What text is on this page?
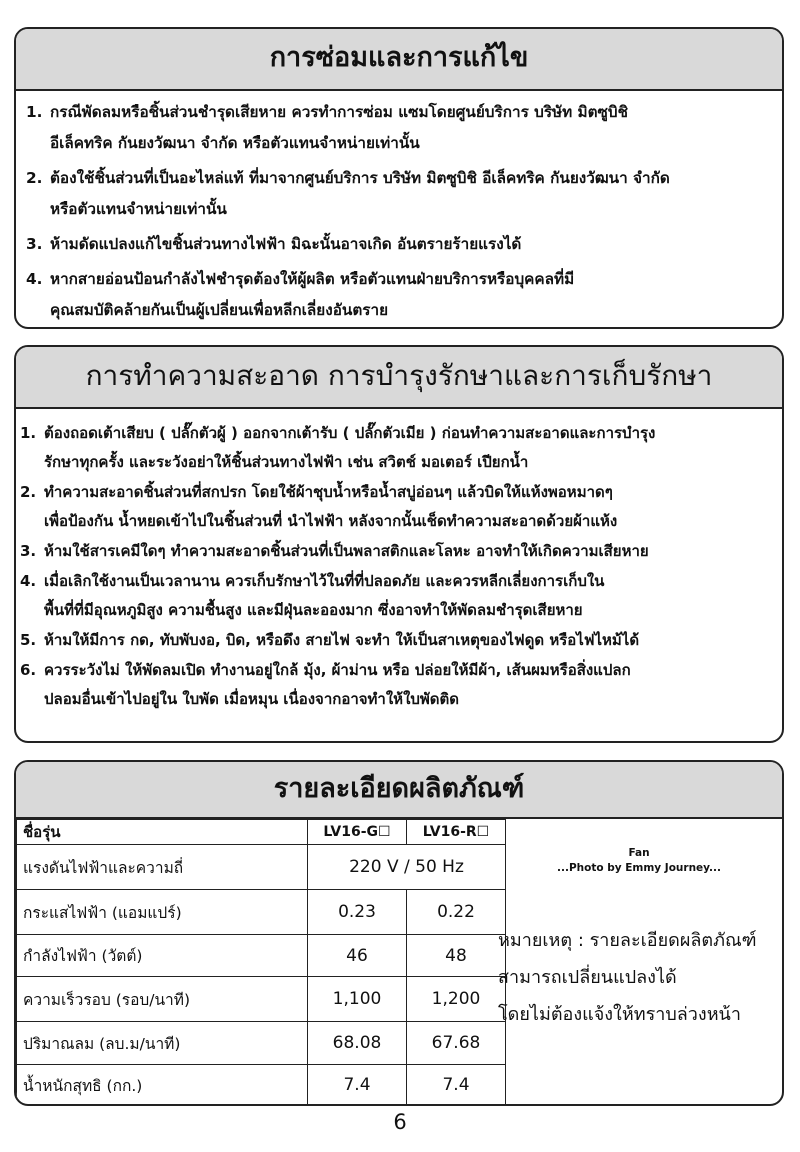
การซ่อมและการแก้ไข
1. กรณีพัดลมหรือชิ้นส่วนชำรุดเสียหาย ควรทำการซ่อม แซมโดยศูนย์บริการ บริษัท มิตซูบิชิ
อีเล็คทริค กันยงวัฒนา จำกัด หรือตัวแทนจำหน่ายเท่านั้น
2. ต้องใช้ชิ้นส่วนที่เป็นอะไหล่แท้ ที่มาจากศูนย์บริการ บริษัท มิตซูบิชิ อีเล็คทริค กันยงวัฒนา จำกัด
หรือตัวแทนจำหน่ายเท่านั้น
3. ห้ามดัดแปลงแก้ไขชิ้นส่วนทางไฟฟ้า มิฉะนั้นอาจเกิด อันตรายร้ายแรงได้
4. หากสายอ่อนป้อนกำลังไฟชำรุดต้องให้ผู้ผลิต หรือตัวแทนฝ่ายบริการหรือบุคคลที่มี
คุณสมบัติคล้ายกันเป็นผู้เปลี่ยนเพื่อหลีกเลี่ยงอันตราย
การทำความสะอาด การบำรุงรักษาและการเก็บรักษา
1. ต้องถอดเต้าเสียบ ( ปลั๊กตัวผู้ ) ออกจากเต้ารับ ( ปลั๊กตัวเมีย ) ก่อนทำความสะอาดและการบำรุง
รักษาทุกครั้ง และระวังอย่าให้ชิ้นส่วนทางไฟฟ้า เช่น สวิตช์ มอเตอร์ เปียกน้ำ
2. ทำความสะอาดชิ้นส่วนที่สกปรก โดยใช้ผ้าชุบน้ำหรือน้ำสบู่อ่อนๆ แล้วบิดให้แห้งพอหมาดๆ
เพื่อป้องกัน น้ำหยดเข้าไปในชิ้นส่วนที่ นำไฟฟ้า หลังจากนั้นเช็ดทำความสะอาดด้วยผ้าแห้ง
3. ห้ามใช้สารเคมีใดๆ ทำความสะอาดชิ้นส่วนที่เป็นพลาสติกและโลหะ อาจทำให้เกิดความเสียหาย
4. เมื่อเลิกใช้งานเป็นเวลานาน ควรเก็บรักษาไว้ในที่ที่ปลอดภัย และควรหลีกเลี่ยงการเก็บใน
พื้นที่ที่มีอุณหภูมิสูง ความชื้นสูง และมีฝุ่นละอองมาก ซึ่งอาจทำให้พัดลมชำรุดเสียหาย
5. ห้ามให้มีการ กด, ทับพับงอ, บิด, หรือดึง สายไฟ จะทำ ให้เป็นสาเหตุของไฟดูด หรือไฟไหม้ได้
6. ควรระวังไม่ ให้พัดลมเปิด ทำงานอยู่ใกล้ มุ้ง, ผ้าม่าน หรือ ปล่อยให้มีผ้า, เส้นผมหรือสิ่งแปลก
ปลอมอื่นเข้าไปอยู่ใน ใบพัด เมื่อหมุน เนื่องจากอาจทำให้ใบพัดติด
รายละเอียดผลิตภัณฑ์
ชื่อรุ่น	LV16-G☐	LV16-R☐
แรงดันไฟฟ้าและความถี่	220 V / 50 Hz	
กระแสไฟฟ้า (แอมแปร์)	0.23	0.22
กำลังไฟฟ้า (วัตต์)	46	48
ความเร็วรอบ (รอบ/นาที)	1,100	1,200
ปริมาณลม (ลบ.ม/นาที)	68.08	67.68
น้ำหนักสุทธิ (กก.)	7.4	7.4
Fan
...Photo by Emmy Journey...
หมายเหตุ : รายละเอียดผลิตภัณฑ์
สามารถเปลี่ยนแปลงได้
โดยไม่ต้องแจ้งให้ทราบล่วงหน้า
6
